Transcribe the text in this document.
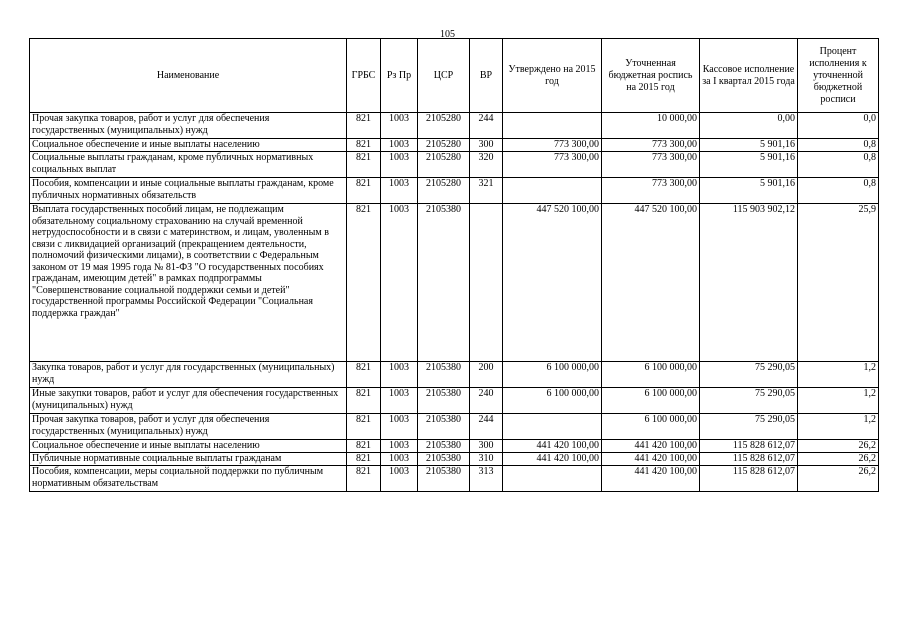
105
Наименование	ГРБС	Рз Пр	ЦСР	ВР	Утверждено на 2015 год	Уточненная бюджетная роспись на 2015 год	Кассовое исполнение за I квартал 2015 года	Процент исполнения к уточненной бюджетной росписи
Прочая закупка товаров, работ и услуг для обеспечения государственных (муниципальных) нужд	821	1003	2105280	244		10 000,00	0,00	0,0
Социальное обеспечение и иные выплаты населению	821	1003	2105280	300	773 300,00	773 300,00	5 901,16	0,8
Социальные выплаты гражданам, кроме публичных нормативных социальных выплат	821	1003	2105280	320	773 300,00	773 300,00	5 901,16	0,8
Пособия, компенсации и иные социальные выплаты гражданам, кроме публичных нормативных обязательств	821	1003	2105280	321		773 300,00	5 901,16	0,8
Выплата государственных пособий лицам, не подлежащим обязательному социальному страхованию на случай временной нетрудоспособности и в связи с материнством, и лицам, уволенным в связи с ликвидацией организаций (прекращением деятельности, полномочий физическими лицами), в соответствии с Федеральным законом от 19 мая 1995 года № 81-ФЗ "О государственных пособиях гражданам, имеющим детей" в рамках подпрограммы "Совершенствование социальной поддержки семьи и детей" государственной программы Российской Федерации "Социальная поддержка граждан"	821	1003	2105380		447 520 100,00	447 520 100,00	115 903 902,12	25,9
Закупка товаров, работ и услуг для государственных (муниципальных) нужд	821	1003	2105380	200	6 100 000,00	6 100 000,00	75 290,05	1,2
Иные закупки товаров, работ и услуг для обеспечения государственных (муниципальных) нужд	821	1003	2105380	240	6 100 000,00	6 100 000,00	75 290,05	1,2
Прочая закупка товаров, работ и услуг для обеспечения государственных (муниципальных) нужд	821	1003	2105380	244		6 100 000,00	75 290,05	1,2
Социальное обеспечение и иные выплаты населению	821	1003	2105380	300	441 420 100,00	441 420 100,00	115 828 612,07	26,2
Публичные нормативные социальные выплаты гражданам	821	1003	2105380	310	441 420 100,00	441 420 100,00	115 828 612,07	26,2
Пособия, компенсации, меры социальной поддержки по публичным нормативным обязательствам	821	1003	2105380	313		441 420 100,00	115 828 612,07	26,2
